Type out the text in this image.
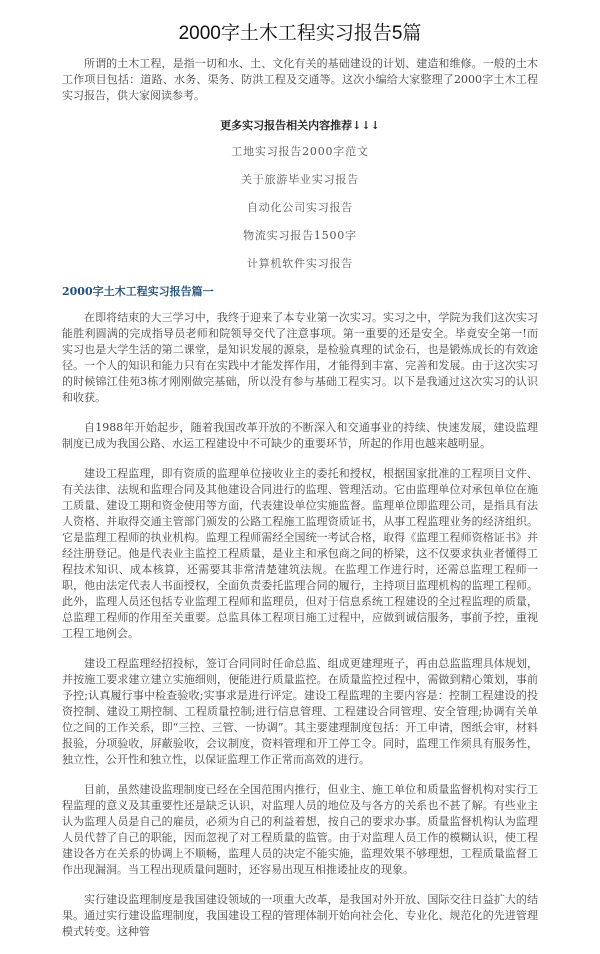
2000字土木工程实习报告5篇

所谓的土木工程，是指一切和水、土、文化有关的基础建设的计划、建造和维修。一般的土木工作项目包括：道路、水务、渠务、防洪工程及交通等。这次小编给大家整理了2000字土木工程实习报告，供大家阅读参考。

更多实习报告相关内容推荐↓↓↓
工地实习报告2000字范文
关于旅游毕业实习报告
自动化公司实习报告
物流实习报告1500字
计算机软件实习报告
2000字土木工程实习报告篇一

在即将结束的大三学习中，我终于迎来了本专业第一次实习。实习之中，学院为我们这次实习能胜利圆满的完成指导员老师和院领导交代了注意事项。第一重要的还是安全。毕竟安全第一!而实习也是大学生活的第二课堂，是知识发展的源泉，是检验真理的试金石，也是锻炼成长的有效途径。一个人的知识和能力只有在实践中才能发挥作用，才能得到丰富、完善和发展。由于这次实习的时候锦江佳苑3栋才刚刚做完基础，所以没有参与基础工程实习。以下是我通过这次实习的认识和收获。

自1988年开始起步，随着我国改革开放的不断深入和交通事业的持续、快速发展，建设监理制度已成为我国公路、水运工程建设中不可缺少的重要环节，所起的作用也越来越明显。

建设工程监理，即有资质的监理单位接收业主的委托和授权，根据国家批准的工程项目文件、有关法律、法规和监理合同及其他建设合同进行的监理、管理活动。它由监理单位对承包单位在施工质量、建设工期和资金使用等方面，代表建设单位实施监督。监理单位即监理公司，是指具有法人资格、并取得交通主管部门颁发的公路工程施工监理资质证书，从事工程监理业务的经济组织。它是监理工程师的执业机构。监理工程师需经全国统一考试合格，取得《监理工程师资格证书》并经注册登记。他是代表业主监控工程质量，是业主和承包商之间的桥梁，这不仅要求执业者懂得工程技术知识、成本核算，还需要其非常清楚建筑法规。在监理工作进行时，还需总监理工程师一职，他由法定代表人书面授权，全面负责委托监理合同的履行，主持项目监理机构的监理工程师。此外，监理人员还包括专业监理工程师和监理员，但对于信息系统工程建设的全过程监理的质量，总监理工程师的作用至关重要。总监具体工程项目施工过程中，应做到诚信服务，事前予控，重视工程工地例会。

建设工程监理经招投标，签订合同同时任命总监、组成更建理班子，再由总监监理具体规划，并按施工要求建立建立实施细则，便能进行质量监控。在质量监控过程中，需做到精心策划，事前予控;认真履行事中检查验收;实事求是进行评定。建设工程监理的主要内容是：控制工程建设的投资控制、建设工期控制、工程质量控制;进行信息管理、工程建设合同管理、安全管理;协调有关单位之间的工作关系，即“三控、三管、一协调”。其主要建理制度包括：开工申请，图纸会审，材料报验，分项验收，屏蔽验收，会议制度，资料管理和开工停工令。同时，监理工作须具有服务性，独立性，公开性和独立性，以保证监理工作正常而高效的进行。

目前，虽然建设监理制度已经在全国范围内推行，但业主、施工单位和质量监督机构对实行工程监理的意义及其重要性还是缺乏认识，对监理人员的地位及与各方的关系也不甚了解。有些业主认为监理人员是自己的雇员，必须为自己的利益着想，按自己的要求办事。质量监督机构认为监理人员代替了自己的职能，因而忽视了对工程质量的监管。由于对监理人员工作的模糊认识，使工程建设各方在关系的协调上不顺畅，监理人员的决定不能实施，监理效果不够理想，工程质量监督工作出现漏洞。当工程出现质量问题时，还容易出现互相推诿扯皮的现象。

实行建设监理制度是我国建设领域的一项重大改革，是我国对外开放、国际交往日益扩大的结果。通过实行建设监理制度，我国建设工程的管理体制开始向社会化、专业化、规范化的先进管理模式转变。这种管
